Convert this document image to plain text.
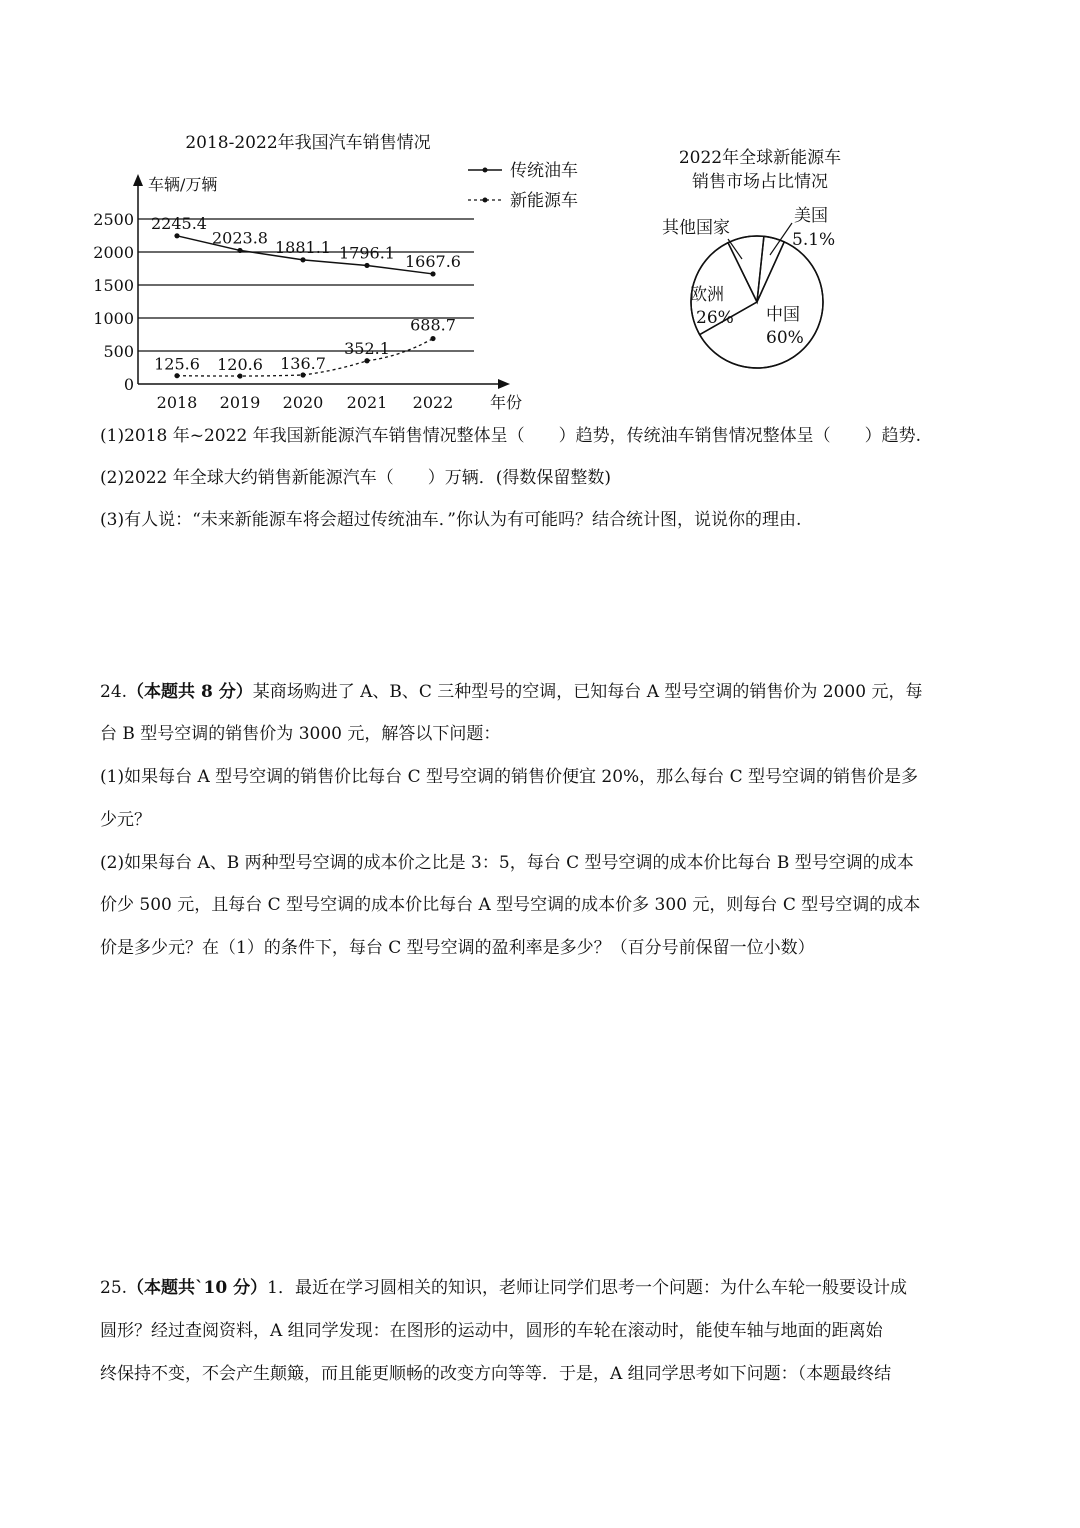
2018-2022年我国汽车销售情况
车辆/万辆
年份
传统油车
新能源车
0
500
1000
1500
2000
2500
2018 2019 2020 2021 2022
2245.4
2023.8 1881.1 1796.1 1667.6
125.6 120.6 136.7
352.1
688.7
2022年全球新能源车
销售市场占比情况
其他国家
美国
5.1%
欧洲
26% 中国
60%
(1)2018 年~2022 年我国新能源汽车销售情况整体呈（　　）趋势，传统油车销售情况整体呈（　　）趋势.
(2)2022 年全球大约销售新能源汽车（　　）万辆．(得数保留整数)
(3)有人说：“未来新能源车将会超过传统油车．”你认为有可能吗？结合统计图，说说你的理由.
24.（本题共 8 分）某商场购进了 A、B、C 三种型号的空调，已知每台 A 型号空调的销售价为 2000 元，每
台 B 型号空调的销售价为 3000 元，解答以下问题：
(1)如果每台 A 型号空调的销售价比每台 C 型号空调的销售价便宜 20%，那么每台 C 型号空调的销售价是多
少元？
(2)如果每台 A、B 两种型号空调的成本价之比是 3：5，每台 C 型号空调的成本价比每台 B 型号空调的成本
价少 500 元，且每台 C 型号空调的成本价比每台 A 型号空调的成本价多 300 元，则每台 C 型号空调的成本
价是多少元？在（1）的条件下，每台 C 型号空调的盈利率是多少？（百分号前保留一位小数）
25.（本题共`10 分）1．最近在学习圆相关的知识，老师让同学们思考一个问题：为什么车轮一般要设计成
圆形？经过查阅资料，A 组同学发现：在图形的运动中，圆形的车轮在滚动时，能使车轴与地面的距离始
终保持不变，不会产生颠簸，而且能更顺畅的改变方向等等．于是，A 组同学思考如下问题：（本题最终结
